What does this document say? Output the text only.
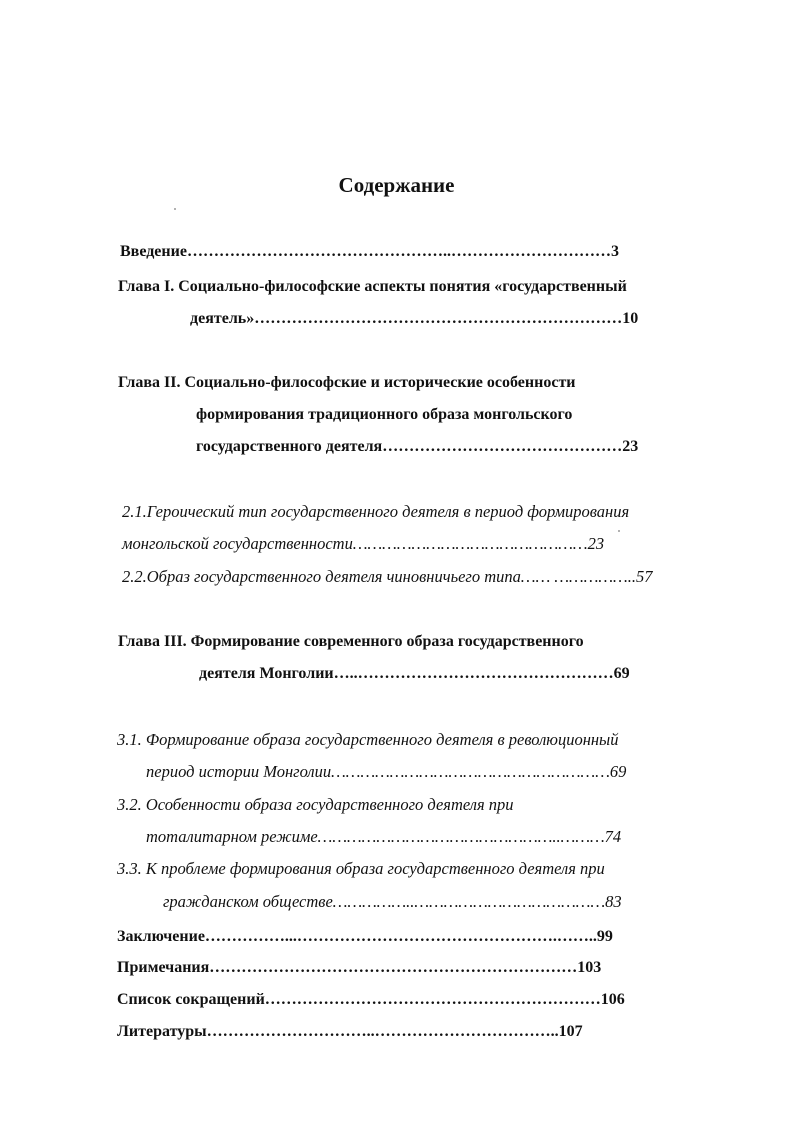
Содержание
Введение…………………………………………..…………………………3
Глава I. Социально-философские аспекты понятия «государственный
деятель»……………………………………………………………10
Глава II. Социально-философские и исторические особенности
формирования традиционного образа монгольского
государственного деятеля………………………………………23
2.1.Героический тип государственного деятеля в период формирования
монгольской государственности…………………………………………23
2.2.Образ государственного деятеля чиновничьего типа…… ……………..57
Глава III. Формирование современного образа государственного
деятеля Монголии…..…………………………………………69
3.1. Формирование образа государственного деятеля в революционный
период истории Монголии…………………………………………………69
3.2. Особенности образа государственного деятеля при
тоталитарном режиме…………………………………………..………74
3.3. К проблеме формирования образа государственного деятеля при
гражданском обществе……………..…………………………………83
Заключение……………...………………………………………….……..99
Примечания……………………………………………………………103
Список сокращений………………………………………………………106
Литературы…………………………..……………………………..107
